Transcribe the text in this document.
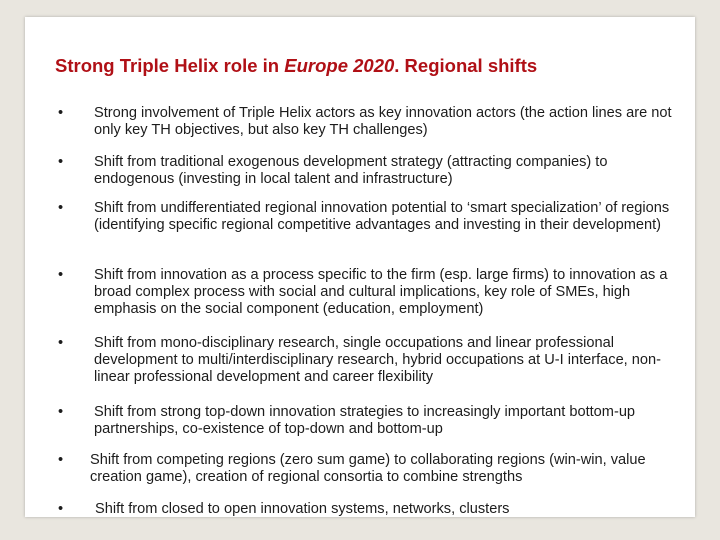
Strong Triple Helix role in Europe 2020. Regional shifts
•	Strong involvement of Triple Helix actors as key innovation actors (the action lines are not only key TH objectives, but also key TH challenges)
•	Shift from traditional exogenous development strategy (attracting companies) to endogenous (investing in local talent and infrastructure)
•	Shift from undifferentiated regional innovation potential to ‘smart specialization’ of regions (identifying specific regional competitive advantages and investing in their development)
•	Shift from innovation as a process specific to the firm (esp. large firms) to innovation as a broad complex process with social and cultural implications, key role of SMEs, high emphasis on the social component (education, employment)
•	Shift from mono-disciplinary research, single occupations and linear professional development to multi/interdisciplinary research, hybrid occupations at U-I interface, non-linear professional development and career flexibility
•	Shift from strong top-down innovation strategies to increasingly important bottom-up partnerships, co-existence of top-down and bottom-up
•	Shift from competing regions (zero sum game) to collaborating regions (win-win, value creation game), creation of regional consortia to combine strengths
•	Shift from closed to open innovation systems, networks, clusters
